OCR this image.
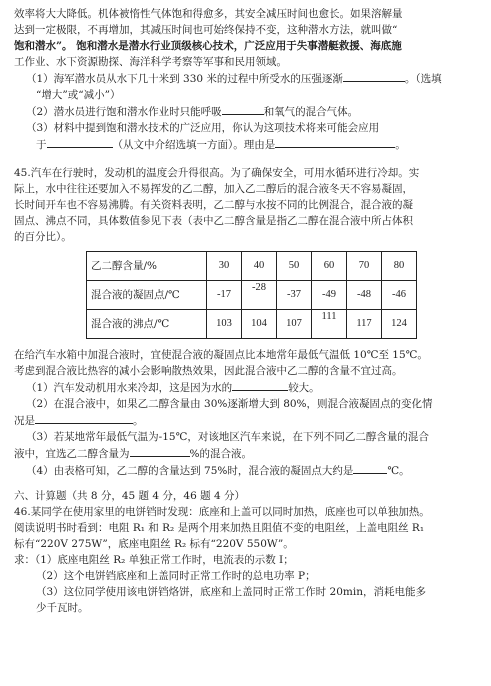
效率将大大降低。机体被惰性气体饱和得愈多，其安全减压时间也愈长。如果溶解量

达到一定极限，不再增加，其减压时间也可始终保持不变，这种潜水方法，就叫做“

饱和潜水”。 饱和潜水是潜水行业顶级核心技术，广泛应用于失事潜艇救援、海底施

工作业、水下资源勘探、海洋科学考察等军事和民用领域。

（1）海军潜水员从水下几十米到 330 米的过程中所受水的压强逐渐	。（选填

“增大”或“减小”）

（2）潜水员进行饱和潜水作业时只能呼吸	和氧气的混合气体。

（3）材料中提到饱和潜水技术的广泛应用，你认为这项技术将来可能会应用

于	（从文中介绍选填一方面）。理由是	。

45.汽车在行驶时，发动机的温度会升得很高。为了确保安全，可用水循环进行冷却。实

际上，水中往往还要加入不易挥发的乙二醇，加入乙二醇后的混合液冬天不容易凝固，

长时间开车也不容易沸腾。有关资料表明，乙二醇与水按不同的比例混合，混合液的凝

固点、沸点不同，具体数值参见下表（表中乙二醇含量是指乙二醇在混合液中所占体积

的百分比）。

乙二醇含量/%	30	40	50	60	70	80
混合液的凝固点/℃	-17	-28	-37	-49	-48	-46
混合液的沸点/℃	103	104	107	111	117	124

在给汽车水箱中加混合液时，宜使混合液的凝固点比本地常年最低气温低 10℃至 15℃。

考虑到混合液比热容的减小会影响散热效果，因此混合液中乙二醇的含量不宜过高。

（1）汽车发动机用水来冷却，这是因为水的	较大。

（2）在混合液中，如果乙二醇含量由 30%逐渐增大到 80%，则混合液凝固点的变化情

况是	。

（3）若某地常年最低气温为-15℃，对该地区汽车来说，在下列不同乙二醇含量的混合

液中，宜选乙二醇含量为	%的混合液。

（4）由表格可知，乙二醇的含量达到 75%时，混合液的凝固点大约是	℃。

六、计算题（共 8 分，45 题 4 分，46 题 4 分）

46.某同学在使用家里的电饼铛时发现：底座和上盖可以同时加热，底座也可以单独加热。

阅读说明书时看到：电阻 R₁ 和 R₂ 是两个用来加热且阻值不变的电阻丝，上盖电阻丝 R₁

标有“220V 275W”，底座电阻丝 R₂ 标有“220V 550W”。

求：（1）底座电阻丝 R₂ 单独正常工作时，电流表的示数 I；

（2）这个电饼铛底座和上盖同时正常工作时的总电功率 P；

（3）这位同学使用该电饼铛烙饼，底座和上盖同时正常工作时 20min，消耗电能多

少千瓦时。
